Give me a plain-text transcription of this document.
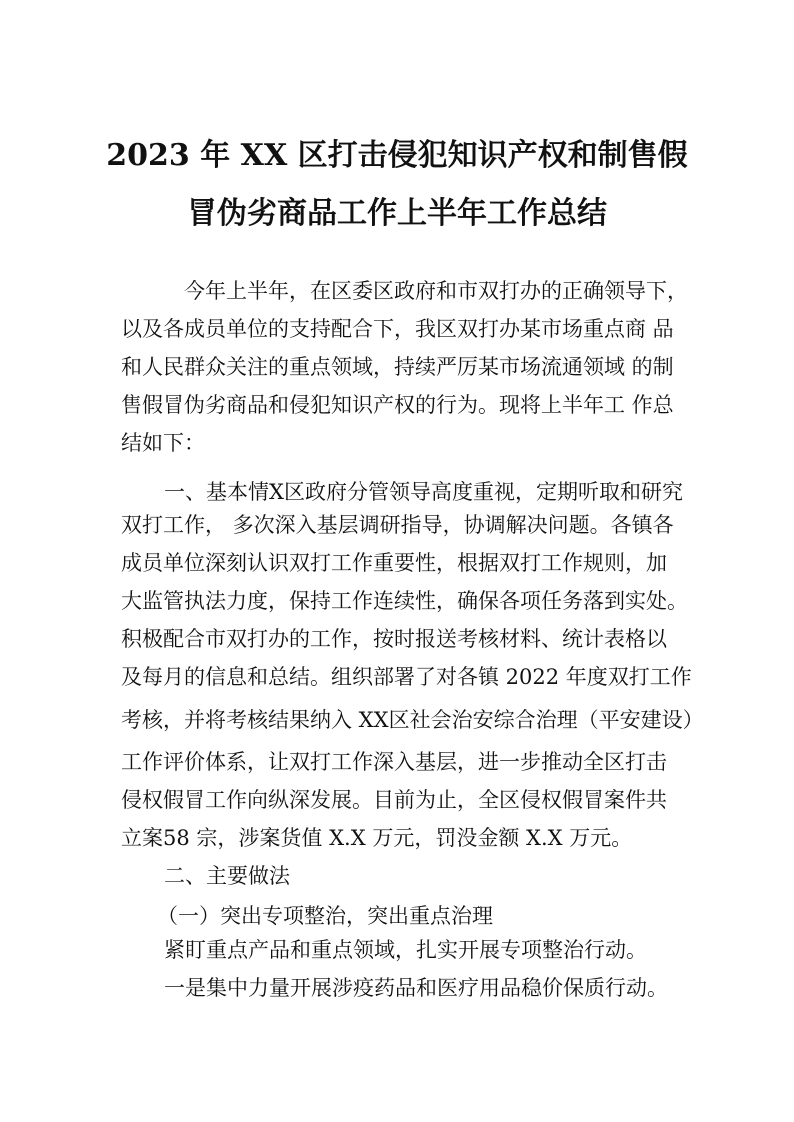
2023 年 XX 区打击侵犯知识产权和制售假
冒伪劣商品工作上半年工作总结
今年上半年，在区委区政府和市双打办的正确领导下，
以及各成员单位的支持配合下，我区双打办某市场重点商 品
和人民群众关注的重点领域，持续严厉某市场流通领域 的制
售假冒伪劣商品和侵犯知识产权的行为。现将上半年工 作总
结如下：
一、基本情X区政府分管领导高度重视，定期听取和研究
双打工作， 多次深入基层调研指导，协调解决问题。各镇各
成员单位深刻认识双打工作重要性，根据双打工作规则，加
大监管执法力度，保持工作连续性，确保各项任务落到实处。
积极配合市双打办的工作，按时报送考核材料、统计表格以
及每月的信息和总结。组织部署了对各镇 2022 年度双打工作
考核，并将考核结果纳入 XX区社会治安综合治理（平安建设）
工作评价体系，让双打工作深入基层，进一步推动全区打击
侵权假冒工作向纵深发展。目前为止，全区侵权假冒案件共
立案58 宗，涉案货值 X.X 万元，罚没金额 X.X 万元。
二、主要做法
（一）突出专项整治，突出重点治理
紧盯重点产品和重点领域，扎实开展专项整治行动。
一是集中力量开展涉疫药品和医疗用品稳价保质行动。
